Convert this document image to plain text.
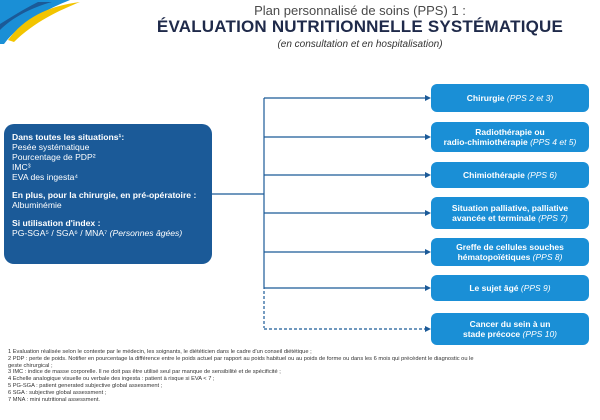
Plan personnalisé de soins (PPS) 1 :

ÉVALUATION NUTRITIONNELLE SYSTÉMATIQUE

(en consultation et en hospitalisation)

Dans toutes les situations¹:
Pesée systématique
Pourcentage de PDP²
IMC³
EVA des ingesta⁴
En plus, pour la chirurgie, en pré-opératoire :
Albuminémie
Si utilisation d'index :
PG-SGA⁵ / SGA⁶ / MNA⁷ (Personnes âgées)
Chirurgie (PPS 2 et 3)
Radiothérapie ou
radio-chimiothérapie (PPS 4 et 5)
Chimiothérapie (PPS 6)
Situation palliative, palliative
avancée et terminale (PPS 7)
Greffe de cellules souches
hématopoïétiques (PPS 8)
Le sujet âgé (PPS 9)
Cancer du sein à un
stade précoce (PPS 10)
1 Évaluation réalisée selon le contexte par le médecin, les soignants, le diététicien dans le cadre d'un conseil diététique ;
2 PDP : perte de poids. Notifier en pourcentage la différence entre le poids actuel par rapport au poids habituel ou au poids de forme ou dans les 6 mois qui précèdent le diagnostic ou le
geste chirurgical ;
3 IMC : indice de masse corporelle. Il ne doit pas être utilisé seul par manque de sensibilité et de spécificité ;
4 Échelle analogique visuelle ou verbale des ingesta : patient à risque si EVA < 7 ;
5 PG-SGA : patient generated subjective global assessment ;
6 SGA : subjective global assessment ;
7 MNA : mini nutritional assessment.
